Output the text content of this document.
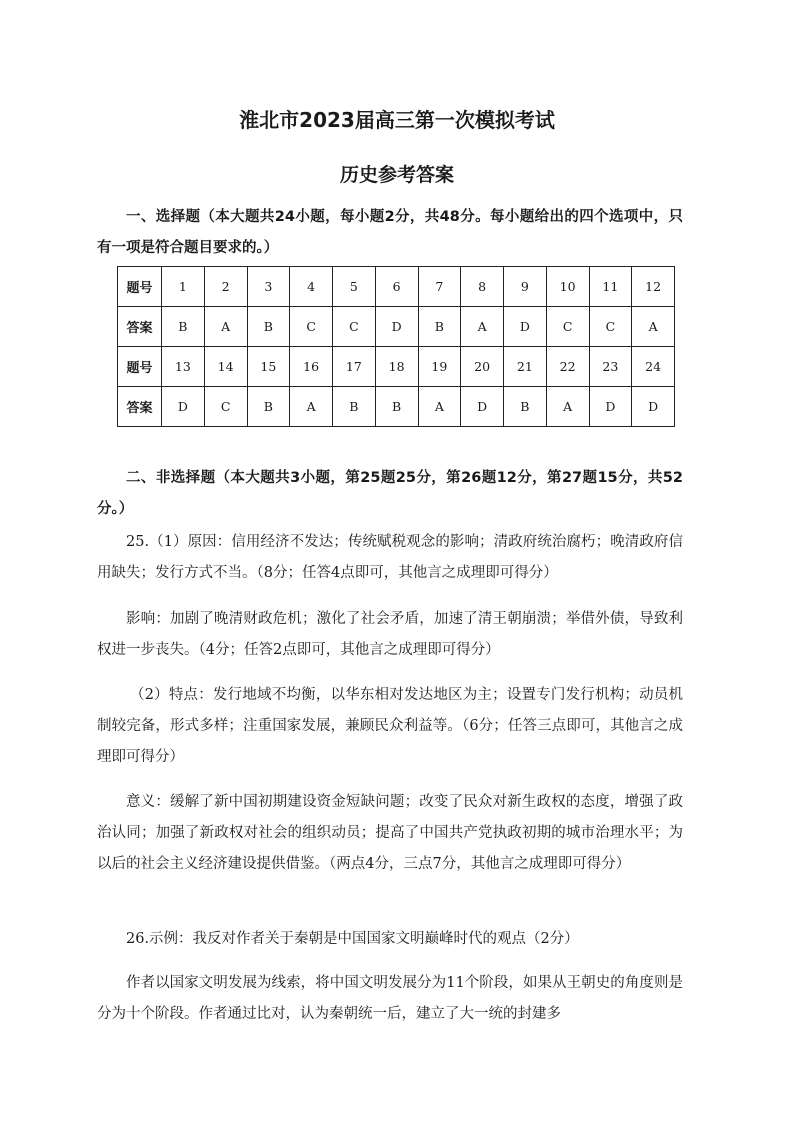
淮北市2023届高三第一次模拟考试
历史参考答案
一、选择题（本大题共24小题，每小题2分，共48分。每小题给出的四个选项中，只有一项是符合题目要求的。）
题号	1	2	3	4	5	6	7	8	9	10	11	12
答案	B	A	B	C	C	D	B	A	D	C	C	A
题号	13	14	15	16	17	18	19	20	21	22	23	24
答案	D	C	B	A	B	B	A	D	B	A	D	D
二、非选择题（本大题共3小题，第25题25分，第26题12分，第27题15分，共52分。）
25.（1）原因：信用经济不发达；传统赋税观念的影响；清政府统治腐朽；晚清政府信用缺失；发行方式不当。（8分；任答4点即可，其他言之成理即可得分）
影响：加剧了晚清财政危机；激化了社会矛盾，加速了清王朝崩溃；举借外债，导致利权进一步丧失。（4分；任答2点即可，其他言之成理即可得分）
（2）特点：发行地域不均衡，以华东相对发达地区为主；设置专门发行机构；动员机制较完备，形式多样；注重国家发展，兼顾民众利益等。（6分；任答三点即可，其他言之成理即可得分）
意义：缓解了新中国初期建设资金短缺问题；改变了民众对新生政权的态度，增强了政治认同；加强了新政权对社会的组织动员；提高了中国共产党执政初期的城市治理水平；为以后的社会主义经济建设提供借鉴。（两点4分，三点7分，其他言之成理即可得分）
26.示例：我反对作者关于秦朝是中国国家文明巅峰时代的观点（2分）
作者以国家文明发展为线索，将中国文明发展分为11个阶段，如果从王朝史的角度则是分为十个阶段。作者通过比对，认为秦朝统一后，建立了大一统的封建多
